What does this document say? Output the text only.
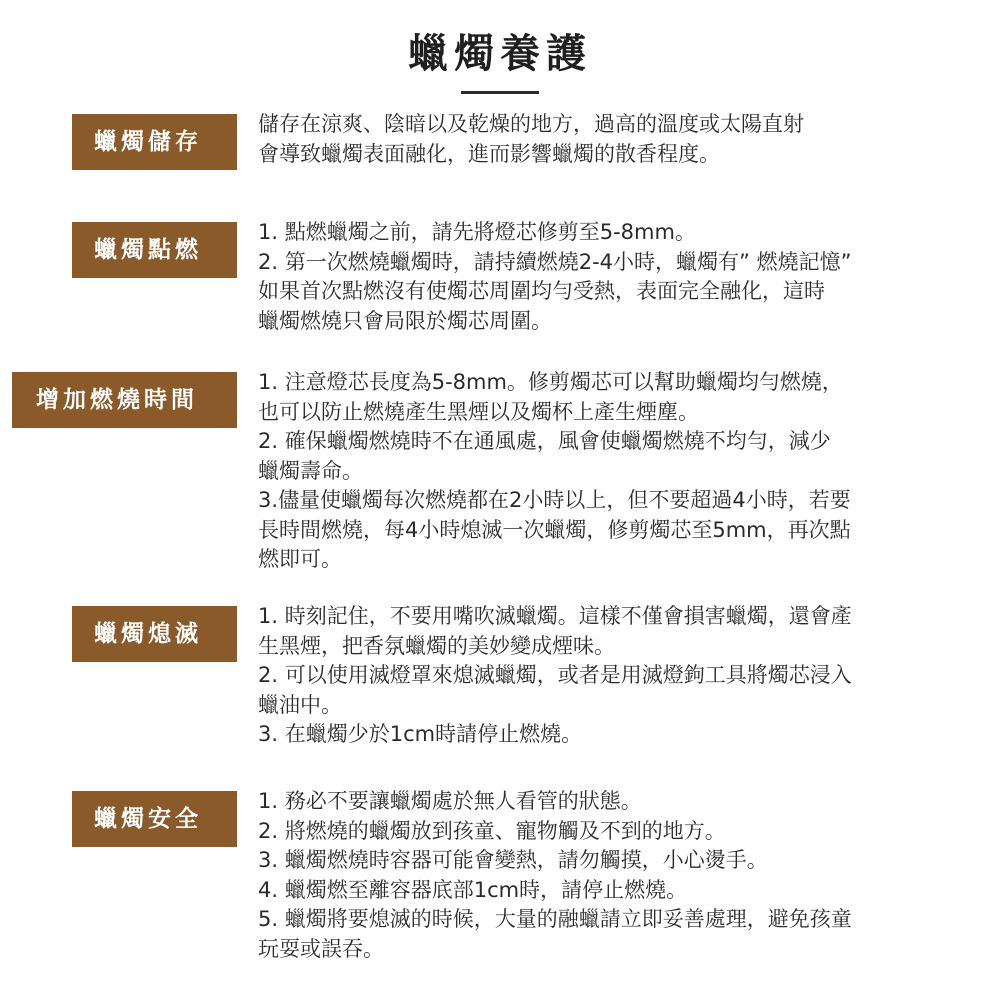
蠟燭養護
蠟燭儲存
儲存在涼爽、陰暗以及乾燥的地方，過高的溫度或太陽直射
會導致蠟燭表面融化，進而影響蠟燭的散香程度。
蠟燭點燃
1. 點燃蠟燭之前，請先將燈芯修剪至5-8mm。
2. 第一次燃燒蠟燭時，請持續燃燒2-4小時，蠟燭有” 燃燒記憶”
如果首次點燃沒有使燭芯周圍均勻受熱，表面完全融化，這時
蠟燭燃燒只會局限於燭芯周圍。
增加燃燒時間
1. 注意燈芯長度為5-8mm。修剪燭芯可以幫助蠟燭均勻燃燒，
也可以防止燃燒產生黑煙以及燭杯上產生煙塵。
2. 確保蠟燭燃燒時不在通風處，風會使蠟燭燃燒不均勻，減少
蠟燭壽命。
3.儘量使蠟燭每次燃燒都在2小時以上，但不要超過4小時，若要
長時間燃燒，每4小時熄滅一次蠟燭，修剪燭芯至5mm，再次點
燃即可。
蠟燭熄滅
1. 時刻記住，不要用嘴吹滅蠟燭。這樣不僅會損害蠟燭，還會產
生黑煙，把香氛蠟燭的美妙變成煙味。
2. 可以使用滅燈罩來熄滅蠟燭，或者是用滅燈鉤工具將燭芯浸入
蠟油中。
3. 在蠟燭少於1cm時請停止燃燒。
蠟燭安全
1. 務必不要讓蠟燭處於無人看管的狀態。
2. 將燃燒的蠟燭放到孩童、寵物觸及不到的地方。
3. 蠟燭燃燒時容器可能會變熱，請勿觸摸，小心燙手。
4. 蠟燭燃至離容器底部1cm時，請停止燃燒。
5. 蠟燭將要熄滅的時候，大量的融蠟請立即妥善處理，避免孩童
玩耍或誤吞。
